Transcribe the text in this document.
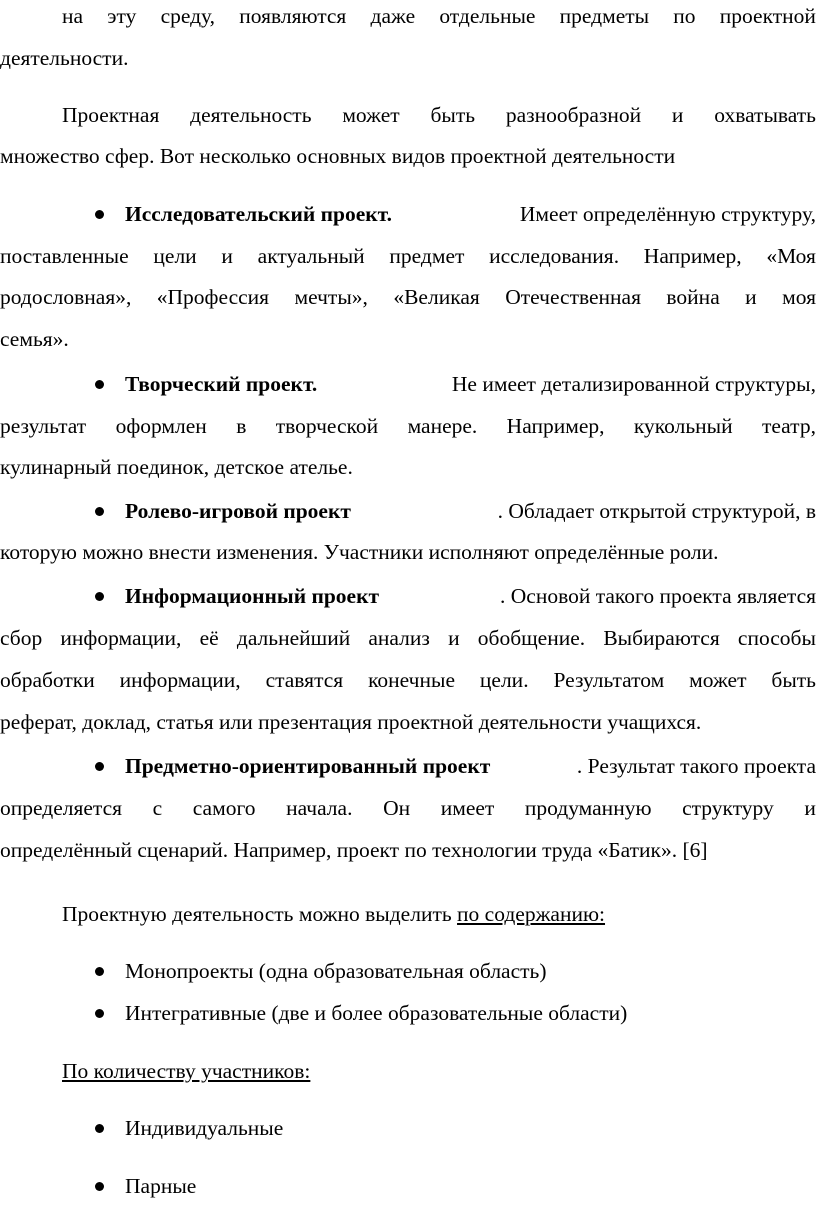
на эту среду, появляются даже отдельные предметы по проектной
деятельности.
Проектная деятельность может быть разнообразной и охватывать
множество сфер. Вот несколько основных видов проектной деятельности
Исследовательский проект.	Имеет определённую структуру,
поставленные цели и актуальный предмет исследования. Например, «Моя
родословная», «Профессия мечты», «Великая Отечественная война и моя
семья».
Творческий проект.	Не имеет детализированной структуры,
результат оформлен в творческой манере. Например, кукольный театр,
кулинарный поединок, детское ателье.
Ролево-игровой проект	. Обладает открытой структурой, в
которую можно внести изменения. Участники исполняют определённые роли.
Информационный проект	. Основой такого проекта является
сбор информации, её дальнейший анализ и обобщение. Выбираются способы
обработки информации, ставятся конечные цели. Результатом может быть
реферат, доклад, статья или презентация проектной деятельности учащихся.
Предметно-ориентированный проект	. Результат такого проекта
определяется с самого начала. Он имеет продуманную структуру и
определённый сценарий. Например, проект по технологии труда «Батик». [6]
Проектную деятельность можно выделить по содержанию:
Монопроекты (одна образовательная область)
Интегративные (две и более образовательные области)
По количеству участников:
Индивидуальные
Парные
